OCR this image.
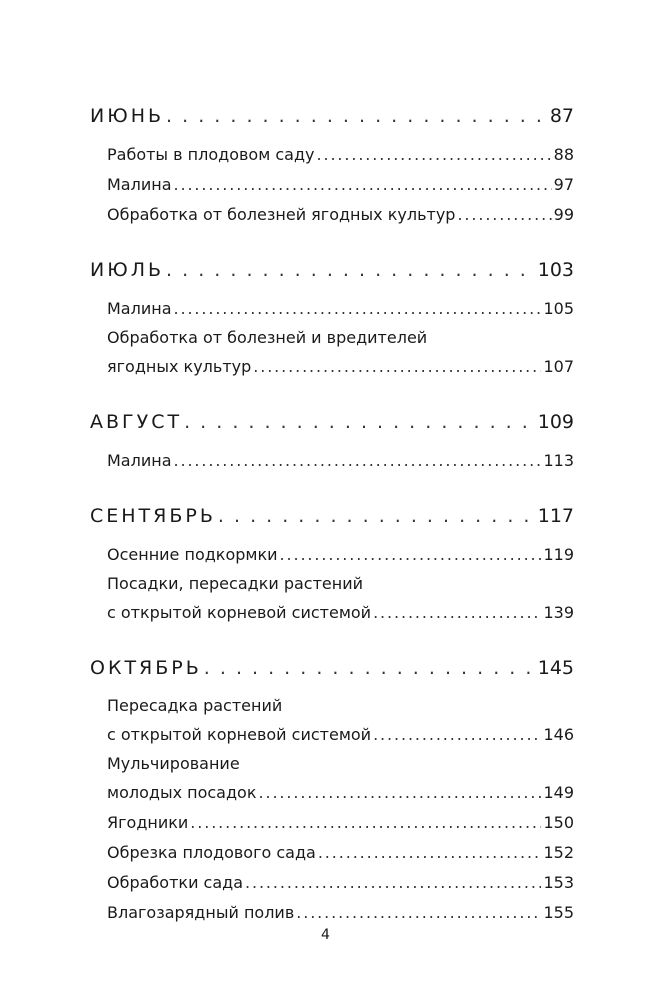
ИЮНЬ . . .	87
Работы в плодовом саду . . .	88
Малина . . .	97
Обработка от болезней ягодных культур . . .	99
ИЮЛЬ . . .	103
Малина . . .	105
Обработка от болезней и вредителей
ягодных культур . . .	107
АВГУСТ . . .	109
Малина . . .	113
СЕНТЯБРЬ . . .	117
Осенние подкормки . . .	119
Посадки, пересадки растений
с открытой корневой системой . . .	139
ОКТЯБРЬ . . .	145
Пересадка растений
с открытой корневой системой . . .	146
Мульчирование
молодых посадок . . .	149
Ягодники . . .	150
Обрезка плодового сада . . .	152
Обработки сада . . .	153
Влагозарядный полив . . .	155
4
